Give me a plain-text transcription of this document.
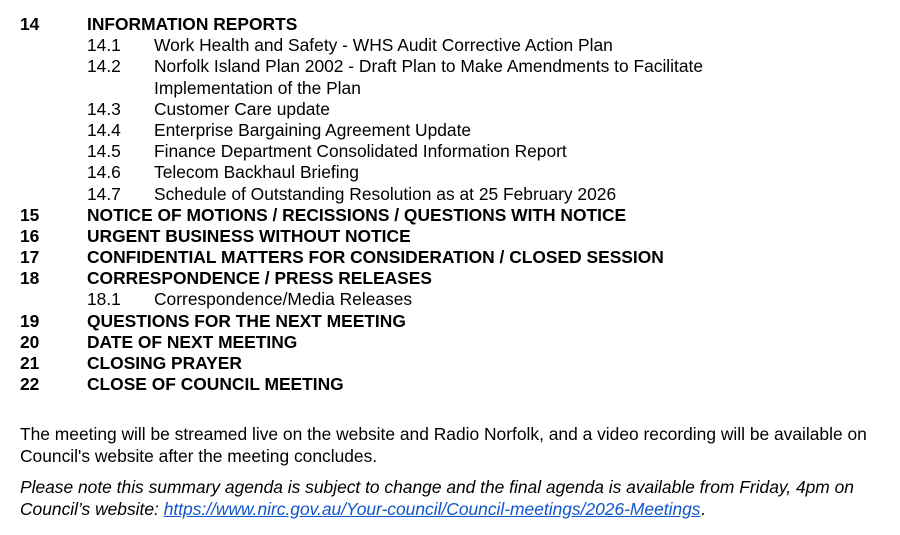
14	INFORMATION REPORTS
14.1 Work Health and Safety - WHS Audit Corrective Action Plan
14.2 Norfolk Island Plan 2002 - Draft Plan to Make Amendments to Facilitate Implementation of the Plan
14.3 Customer Care update
14.4 Enterprise Bargaining Agreement Update
14.5 Finance Department Consolidated Information Report
14.6 Telecom Backhaul Briefing
14.7 Schedule of Outstanding Resolution as at 25 February 2026
15	NOTICE OF MOTIONS / RECISSIONS / QUESTIONS WITH NOTICE
16	URGENT BUSINESS WITHOUT NOTICE
17	CONFIDENTIAL MATTERS FOR CONSIDERATION / CLOSED SESSION
18	CORRESPONDENCE / PRESS RELEASES
18.1 Correspondence/Media Releases
19	QUESTIONS FOR THE NEXT MEETING
20	DATE OF NEXT MEETING
21	CLOSING PRAYER
22	CLOSE OF COUNCIL MEETING

The meeting will be streamed live on the website and Radio Norfolk, and a video recording will be available on Council's website after the meeting concludes.

Please note this summary agenda is subject to change and the final agenda is available from Friday, 4pm on Council’s website: https://www.nirc.gov.au/Your-council/Council-meetings/2026-Meetings.
